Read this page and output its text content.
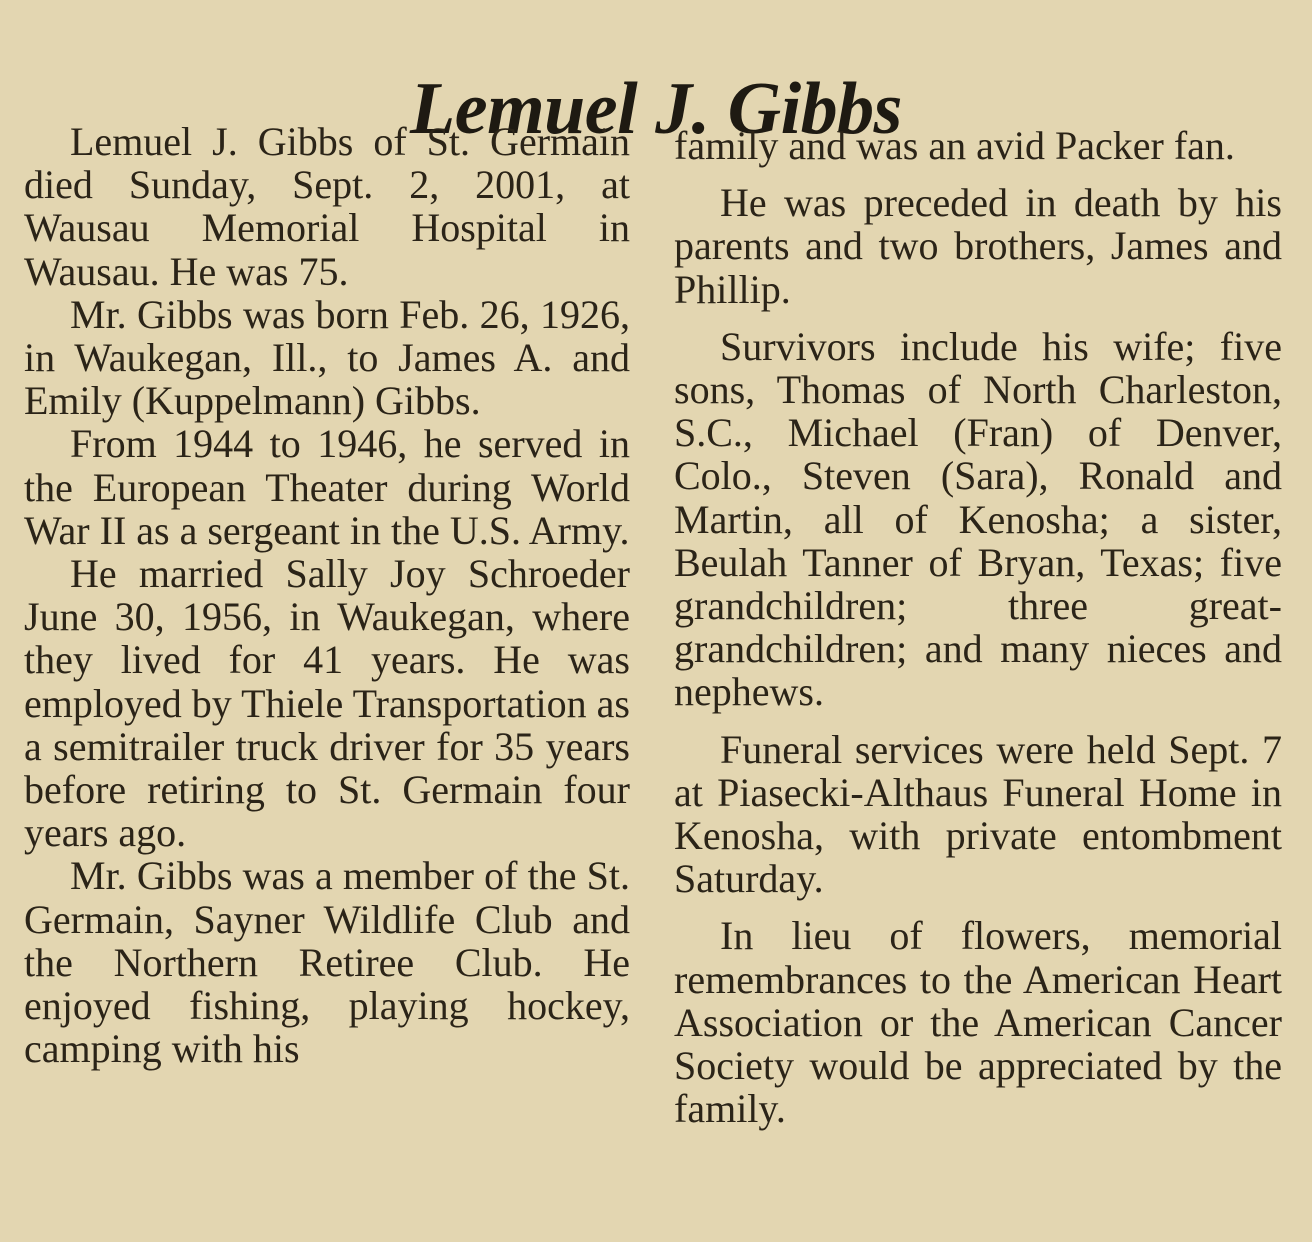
Lemuel J. Gibbs

Lemuel J. Gibbs of St. Germain died Sunday, Sept. 2, 2001, at Wausau Memorial Hospital in Wausau. He was 75.

Mr. Gibbs was born Feb. 26, 1926, in Waukegan, Ill., to James A. and Emily (Kuppelmann) Gibbs.

From 1944 to 1946, he served in the European Theater during World War II as a sergeant in the U.S. Army.

He married Sally Joy Schroeder June 30, 1956, in Waukegan, where they lived for 41 years. He was employed by Thiele Transportation as a semitrailer truck driver for 35 years before retiring to St. Germain four years ago.

Mr. Gibbs was a member of the St. Germain, Sayner Wildlife Club and the Northern Retiree Club. He enjoyed fishing, playing hockey, camping with his

family and was an avid Packer fan.

He was preceded in death by his parents and two brothers, James and Phillip.

Survivors include his wife; five sons, Thomas of North Charleston, S.C., Michael (Fran) of Denver, Colo., Steven (Sara), Ronald and Martin, all of Kenosha; a sister, Beulah Tanner of Bryan, Texas; five grandchildren; three great-grandchildren; and many nieces and nephews.

Funeral services were held Sept. 7 at Piasecki-Althaus Funeral Home in Kenosha, with private entombment Saturday.

In lieu of flowers, memorial remembrances to the American Heart Association or the American Cancer Society would be appreciated by the family.
